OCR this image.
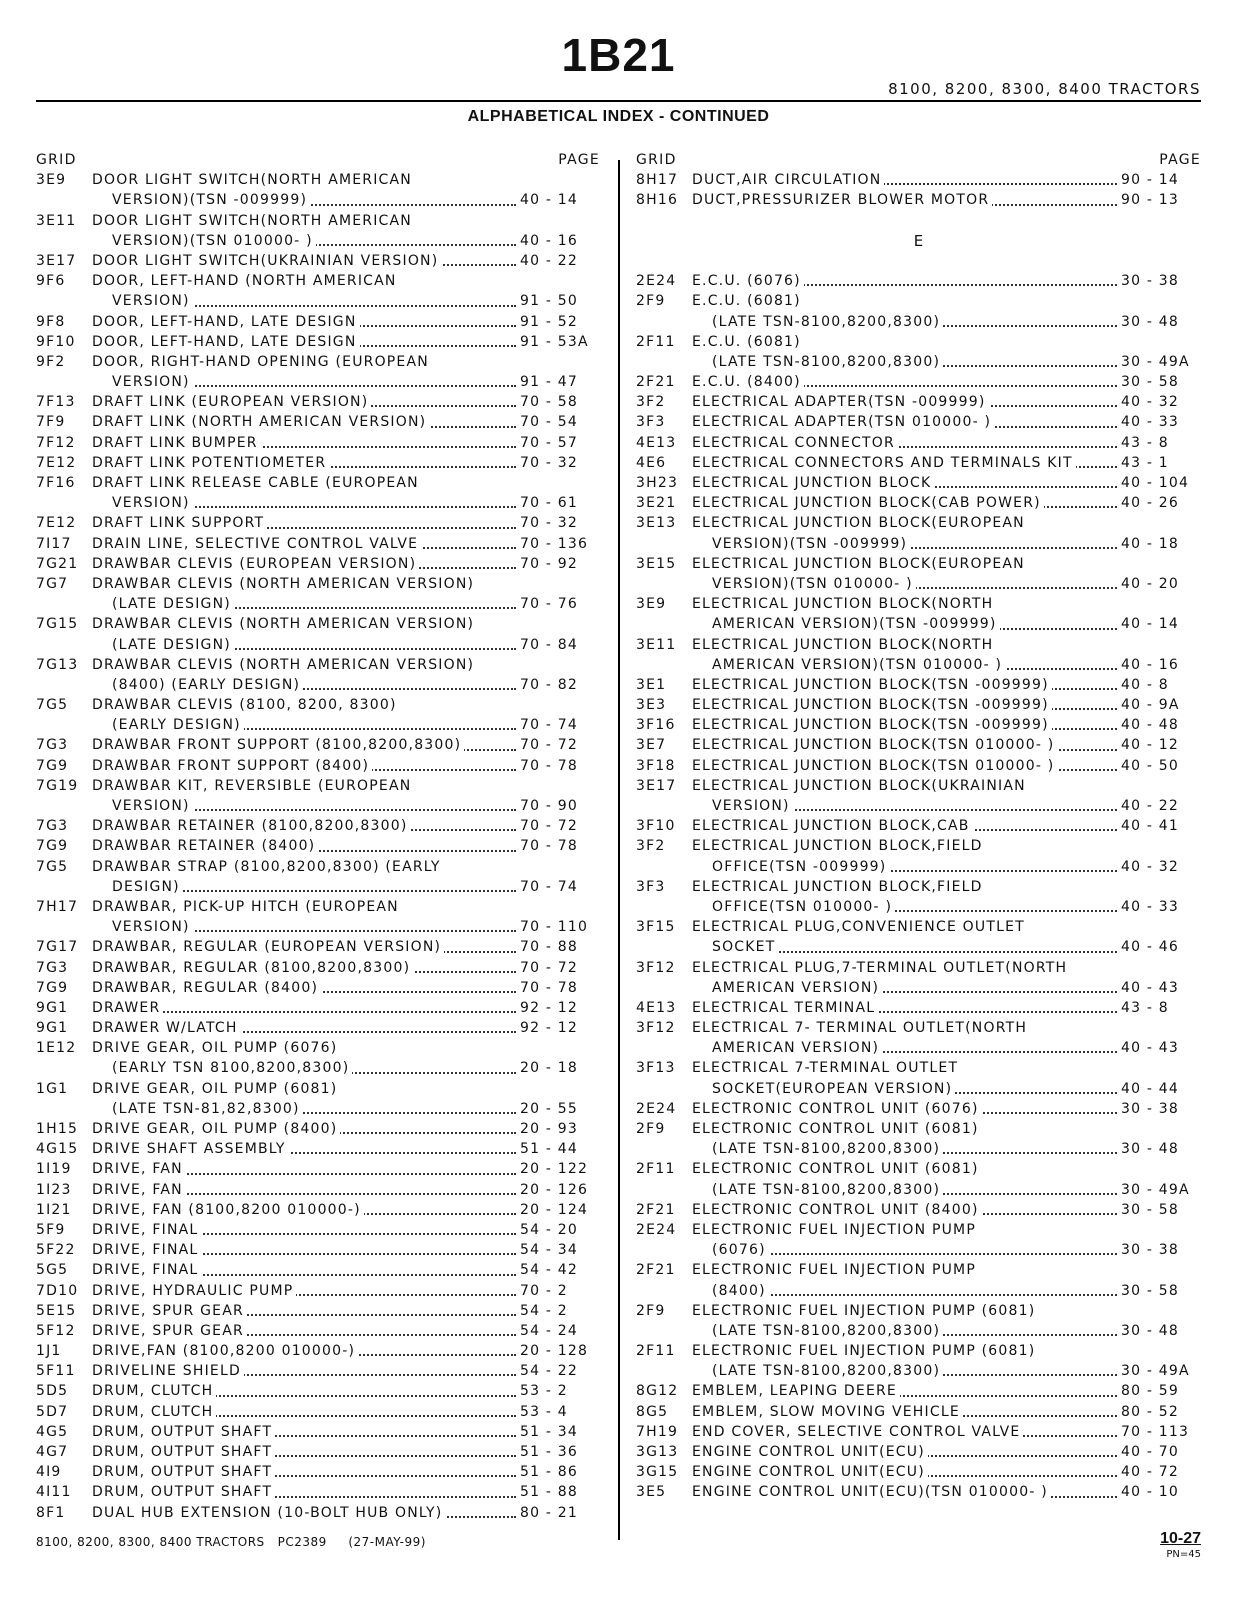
1B21
8100, 8200, 8300, 8400 TRACTORS
ALPHABETICAL INDEX - CONTINUED
GRID	PAGE
3E9 DOOR LIGHT SWITCH(NORTH AMERICAN
VERSION)(TSN -009999)	40 - 14
3E11 DOOR LIGHT SWITCH(NORTH AMERICAN
VERSION)(TSN 010000- )	40 - 16
3E17 DOOR LIGHT SWITCH(UKRAINIAN VERSION)	40 - 22
9F6 DOOR, LEFT-HAND (NORTH AMERICAN
VERSION)	91 - 50
9F8 DOOR, LEFT-HAND, LATE DESIGN	91 - 52
9F10 DOOR, LEFT-HAND, LATE DESIGN	91 - 53A
9F2 DOOR, RIGHT-HAND OPENING (EUROPEAN
VERSION)	91 - 47
7F13 DRAFT LINK (EUROPEAN VERSION)	70 - 58
7F9 DRAFT LINK (NORTH AMERICAN VERSION)	70 - 54
7F12 DRAFT LINK BUMPER	70 - 57
7E12 DRAFT LINK POTENTIOMETER	70 - 32
7F16 DRAFT LINK RELEASE CABLE (EUROPEAN
VERSION)	70 - 61
7E12 DRAFT LINK SUPPORT	70 - 32
7I17 DRAIN LINE, SELECTIVE CONTROL VALVE	70 - 136
7G21 DRAWBAR CLEVIS (EUROPEAN VERSION)	70 - 92
7G7 DRAWBAR CLEVIS (NORTH AMERICAN VERSION)
(LATE DESIGN)	70 - 76
7G15 DRAWBAR CLEVIS (NORTH AMERICAN VERSION)
(LATE DESIGN)	70 - 84
7G13 DRAWBAR CLEVIS (NORTH AMERICAN VERSION)
(8400) (EARLY DESIGN)	70 - 82
7G5 DRAWBAR CLEVIS (8100, 8200, 8300)
(EARLY DESIGN)	70 - 74
7G3 DRAWBAR FRONT SUPPORT (8100,8200,8300)	70 - 72
7G9 DRAWBAR FRONT SUPPORT (8400)	70 - 78
7G19 DRAWBAR KIT, REVERSIBLE (EUROPEAN
VERSION)	70 - 90
7G3 DRAWBAR RETAINER (8100,8200,8300)	70 - 72
7G9 DRAWBAR RETAINER (8400)	70 - 78
7G5 DRAWBAR STRAP (8100,8200,8300) (EARLY
DESIGN)	70 - 74
7H17 DRAWBAR, PICK-UP HITCH (EUROPEAN
VERSION)	70 - 110
7G17 DRAWBAR, REGULAR (EUROPEAN VERSION)	70 - 88
7G3 DRAWBAR, REGULAR (8100,8200,8300)	70 - 72
7G9 DRAWBAR, REGULAR (8400)	70 - 78
9G1 DRAWER	92 - 12
9G1 DRAWER W/LATCH	92 - 12
1E12 DRIVE GEAR, OIL PUMP (6076)
(EARLY TSN 8100,8200,8300)	20 - 18
1G1 DRIVE GEAR, OIL PUMP (6081)
(LATE TSN-81,82,8300)	20 - 55
1H15 DRIVE GEAR, OIL PUMP (8400)	20 - 93
4G15 DRIVE SHAFT ASSEMBLY	51 - 44
1I19 DRIVE, FAN	20 - 122
1I23 DRIVE, FAN	20 - 126
1I21 DRIVE, FAN (8100,8200 010000-)	20 - 124
5F9 DRIVE, FINAL	54 - 20
5F22 DRIVE, FINAL	54 - 34
5G5 DRIVE, FINAL	54 - 42
7D10 DRIVE, HYDRAULIC PUMP	70 - 2
5E15 DRIVE, SPUR GEAR	54 - 2
5F12 DRIVE, SPUR GEAR	54 - 24
1J1 DRIVE,FAN (8100,8200 010000-)	20 - 128
5F11 DRIVELINE SHIELD	54 - 22
5D5 DRUM, CLUTCH	53 - 2
5D7 DRUM, CLUTCH	53 - 4
4G5 DRUM, OUTPUT SHAFT	51 - 34
4G7 DRUM, OUTPUT SHAFT	51 - 36
4I9 DRUM, OUTPUT SHAFT	51 - 86
4I11 DRUM, OUTPUT SHAFT	51 - 88
8F1 DUAL HUB EXTENSION (10-BOLT HUB ONLY)	80 - 21
GRID	PAGE
8H17 DUCT,AIR CIRCULATION	90 - 14
8H16 DUCT,PRESSURIZER BLOWER MOTOR	90 - 13
E
2E24 E.C.U. (6076)	30 - 38
2F9 E.C.U. (6081)
(LATE TSN-8100,8200,8300)	30 - 48
2F11 E.C.U. (6081)
(LATE TSN-8100,8200,8300)	30 - 49A
2F21 E.C.U. (8400)	30 - 58
3F2 ELECTRICAL ADAPTER(TSN -009999)	40 - 32
3F3 ELECTRICAL ADAPTER(TSN 010000- )	40 - 33
4E13 ELECTRICAL CONNECTOR	43 - 8
4E6 ELECTRICAL CONNECTORS AND TERMINALS KIT	43 - 1
3H23 ELECTRICAL JUNCTION BLOCK	40 - 104
3E21 ELECTRICAL JUNCTION BLOCK(CAB POWER)	40 - 26
3E13 ELECTRICAL JUNCTION BLOCK(EUROPEAN
VERSION)(TSN -009999)	40 - 18
3E15 ELECTRICAL JUNCTION BLOCK(EUROPEAN
VERSION)(TSN 010000- )	40 - 20
3E9 ELECTRICAL JUNCTION BLOCK(NORTH
AMERICAN VERSION)(TSN -009999)	40 - 14
3E11 ELECTRICAL JUNCTION BLOCK(NORTH
AMERICAN VERSION)(TSN 010000- )	40 - 16
3E1 ELECTRICAL JUNCTION BLOCK(TSN -009999)	40 - 8
3E3 ELECTRICAL JUNCTION BLOCK(TSN -009999)	40 - 9A
3F16 ELECTRICAL JUNCTION BLOCK(TSN -009999)	40 - 48
3E7 ELECTRICAL JUNCTION BLOCK(TSN 010000- )	40 - 12
3F18 ELECTRICAL JUNCTION BLOCK(TSN 010000- )	40 - 50
3E17 ELECTRICAL JUNCTION BLOCK(UKRAINIAN
VERSION)	40 - 22
3F10 ELECTRICAL JUNCTION BLOCK,CAB	40 - 41
3F2 ELECTRICAL JUNCTION BLOCK,FIELD
OFFICE(TSN -009999)	40 - 32
3F3 ELECTRICAL JUNCTION BLOCK,FIELD
OFFICE(TSN 010000- )	40 - 33
3F15 ELECTRICAL PLUG,CONVENIENCE OUTLET
SOCKET	40 - 46
3F12 ELECTRICAL PLUG,7-TERMINAL OUTLET(NORTH
AMERICAN VERSION)	40 - 43
4E13 ELECTRICAL TERMINAL	43 - 8
3F12 ELECTRICAL 7- TERMINAL OUTLET(NORTH
AMERICAN VERSION)	40 - 43
3F13 ELECTRICAL 7-TERMINAL OUTLET
SOCKET(EUROPEAN VERSION)	40 - 44
2E24 ELECTRONIC CONTROL UNIT (6076)	30 - 38
2F9 ELECTRONIC CONTROL UNIT (6081)
(LATE TSN-8100,8200,8300)	30 - 48
2F11 ELECTRONIC CONTROL UNIT (6081)
(LATE TSN-8100,8200,8300)	30 - 49A
2F21 ELECTRONIC CONTROL UNIT (8400)	30 - 58
2E24 ELECTRONIC FUEL INJECTION PUMP
(6076)	30 - 38
2F21 ELECTRONIC FUEL INJECTION PUMP
(8400)	30 - 58
2F9 ELECTRONIC FUEL INJECTION PUMP (6081)
(LATE TSN-8100,8200,8300)	30 - 48
2F11 ELECTRONIC FUEL INJECTION PUMP (6081)
(LATE TSN-8100,8200,8300)	30 - 49A
8G12 EMBLEM, LEAPING DEERE	80 - 59
8G5 EMBLEM, SLOW MOVING VEHICLE	80 - 52
7H19 END COVER, SELECTIVE CONTROL VALVE	70 - 113
3G13 ENGINE CONTROL UNIT(ECU)	40 - 70
3G15 ENGINE CONTROL UNIT(ECU)	40 - 72
3E5 ENGINE CONTROL UNIT(ECU)(TSN 010000- )	40 - 10
8100, 8200, 8300, 8400 TRACTORS PC2389 (27-MAY-99)	10-27
PN=45
